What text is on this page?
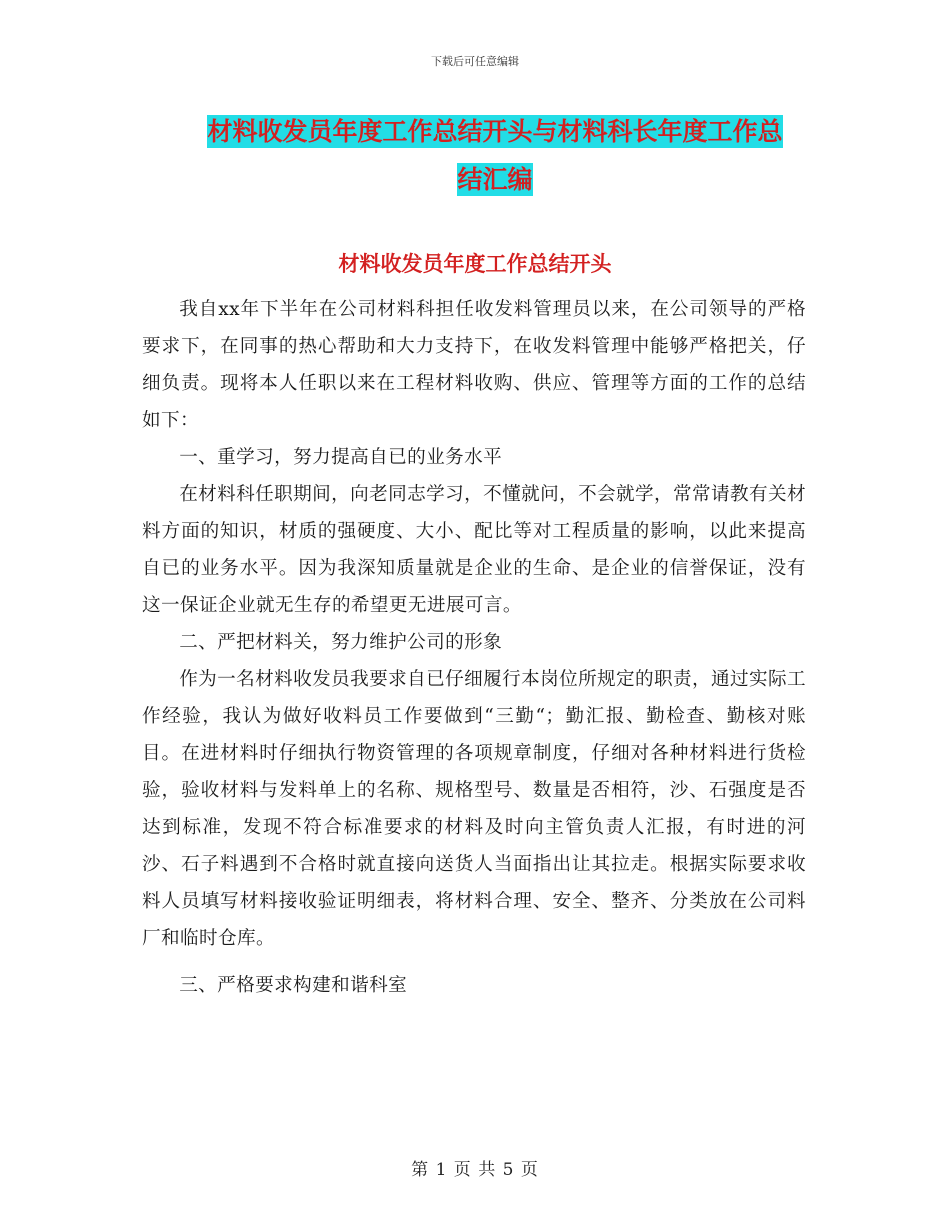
下载后可任意编辑
材料收发员年度工作总结开头与材料科长年度工作总
结汇编
材料收发员年度工作总结开头

我自xx年下半年在公司材料科担任收发料管理员以来，在公司领导的严格要求下，在同事的热心帮助和大力支持下，在收发料管理中能够严格把关，仔细负责。现将本人任职以来在工程材料收购、供应、管理等方面的工作的总结如下：

一、重学习，努力提高自已的业务水平

在材料科任职期间，向老同志学习，不懂就问，不会就学，常常请教有关材料方面的知识，材质的强硬度、大小、配比等对工程质量的影响，以此来提高自已的业务水平。因为我深知质量就是企业的生命、是企业的信誉保证，没有这一保证企业就无生存的希望更无进展可言。

二、严把材料关，努力维护公司的形象

作为一名材料收发员我要求自已仔细履行本岗位所规定的职责，通过实际工作经验，我认为做好收料员工作要做到“三勤“；勤汇报、勤检查、勤核对账目。在进材料时仔细执行物资管理的各项规章制度，仔细对各种材料进行货检验，验收材料与发料单上的名称、规格型号、数量是否相符，沙、石强度是否达到标准，发现不符合标准要求的材料及时向主管负责人汇报，有时进的河沙、石子料遇到不合格时就直接向送货人当面指出让其拉走。根据实际要求收料人员填写材料接收验证明细表，将材料合理、安全、整齐、分类放在公司料厂和临时仓库。

三、严格要求构建和谐科室

第 1 页 共 5 页
